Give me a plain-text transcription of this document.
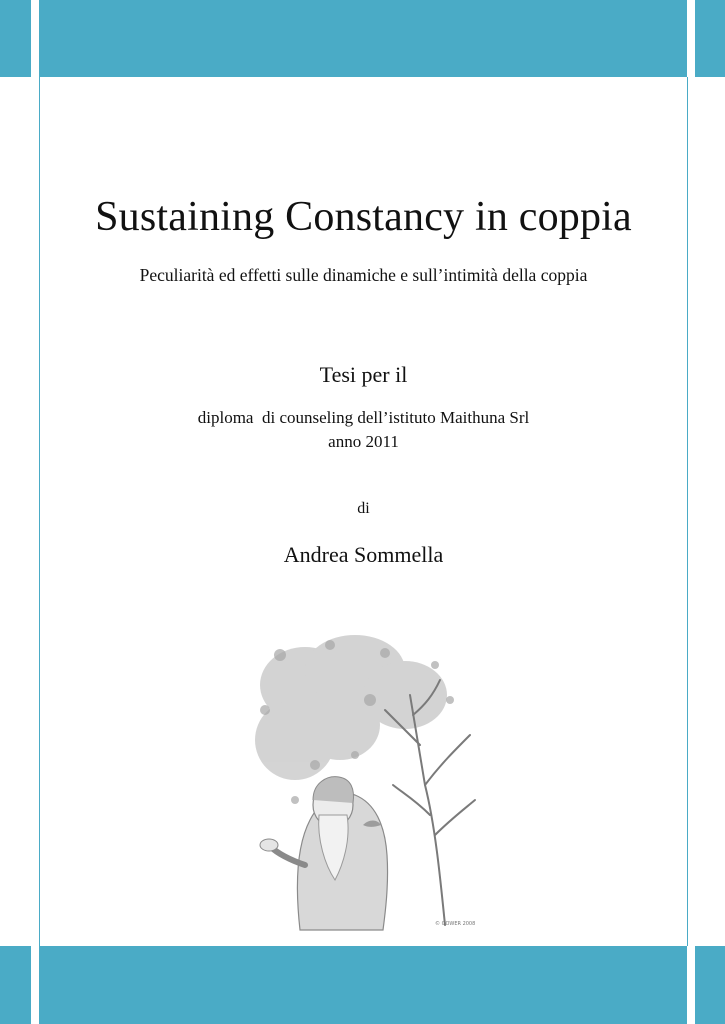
Sustaining Constancy in coppia

Peculiarità ed effetti sulle dinamiche e sull’intimità della coppia

Tesi per il

diploma  di counseling dell’istituto Maithuna Srl

anno 2011

di

Andrea Sommella

© GOWER 2008
